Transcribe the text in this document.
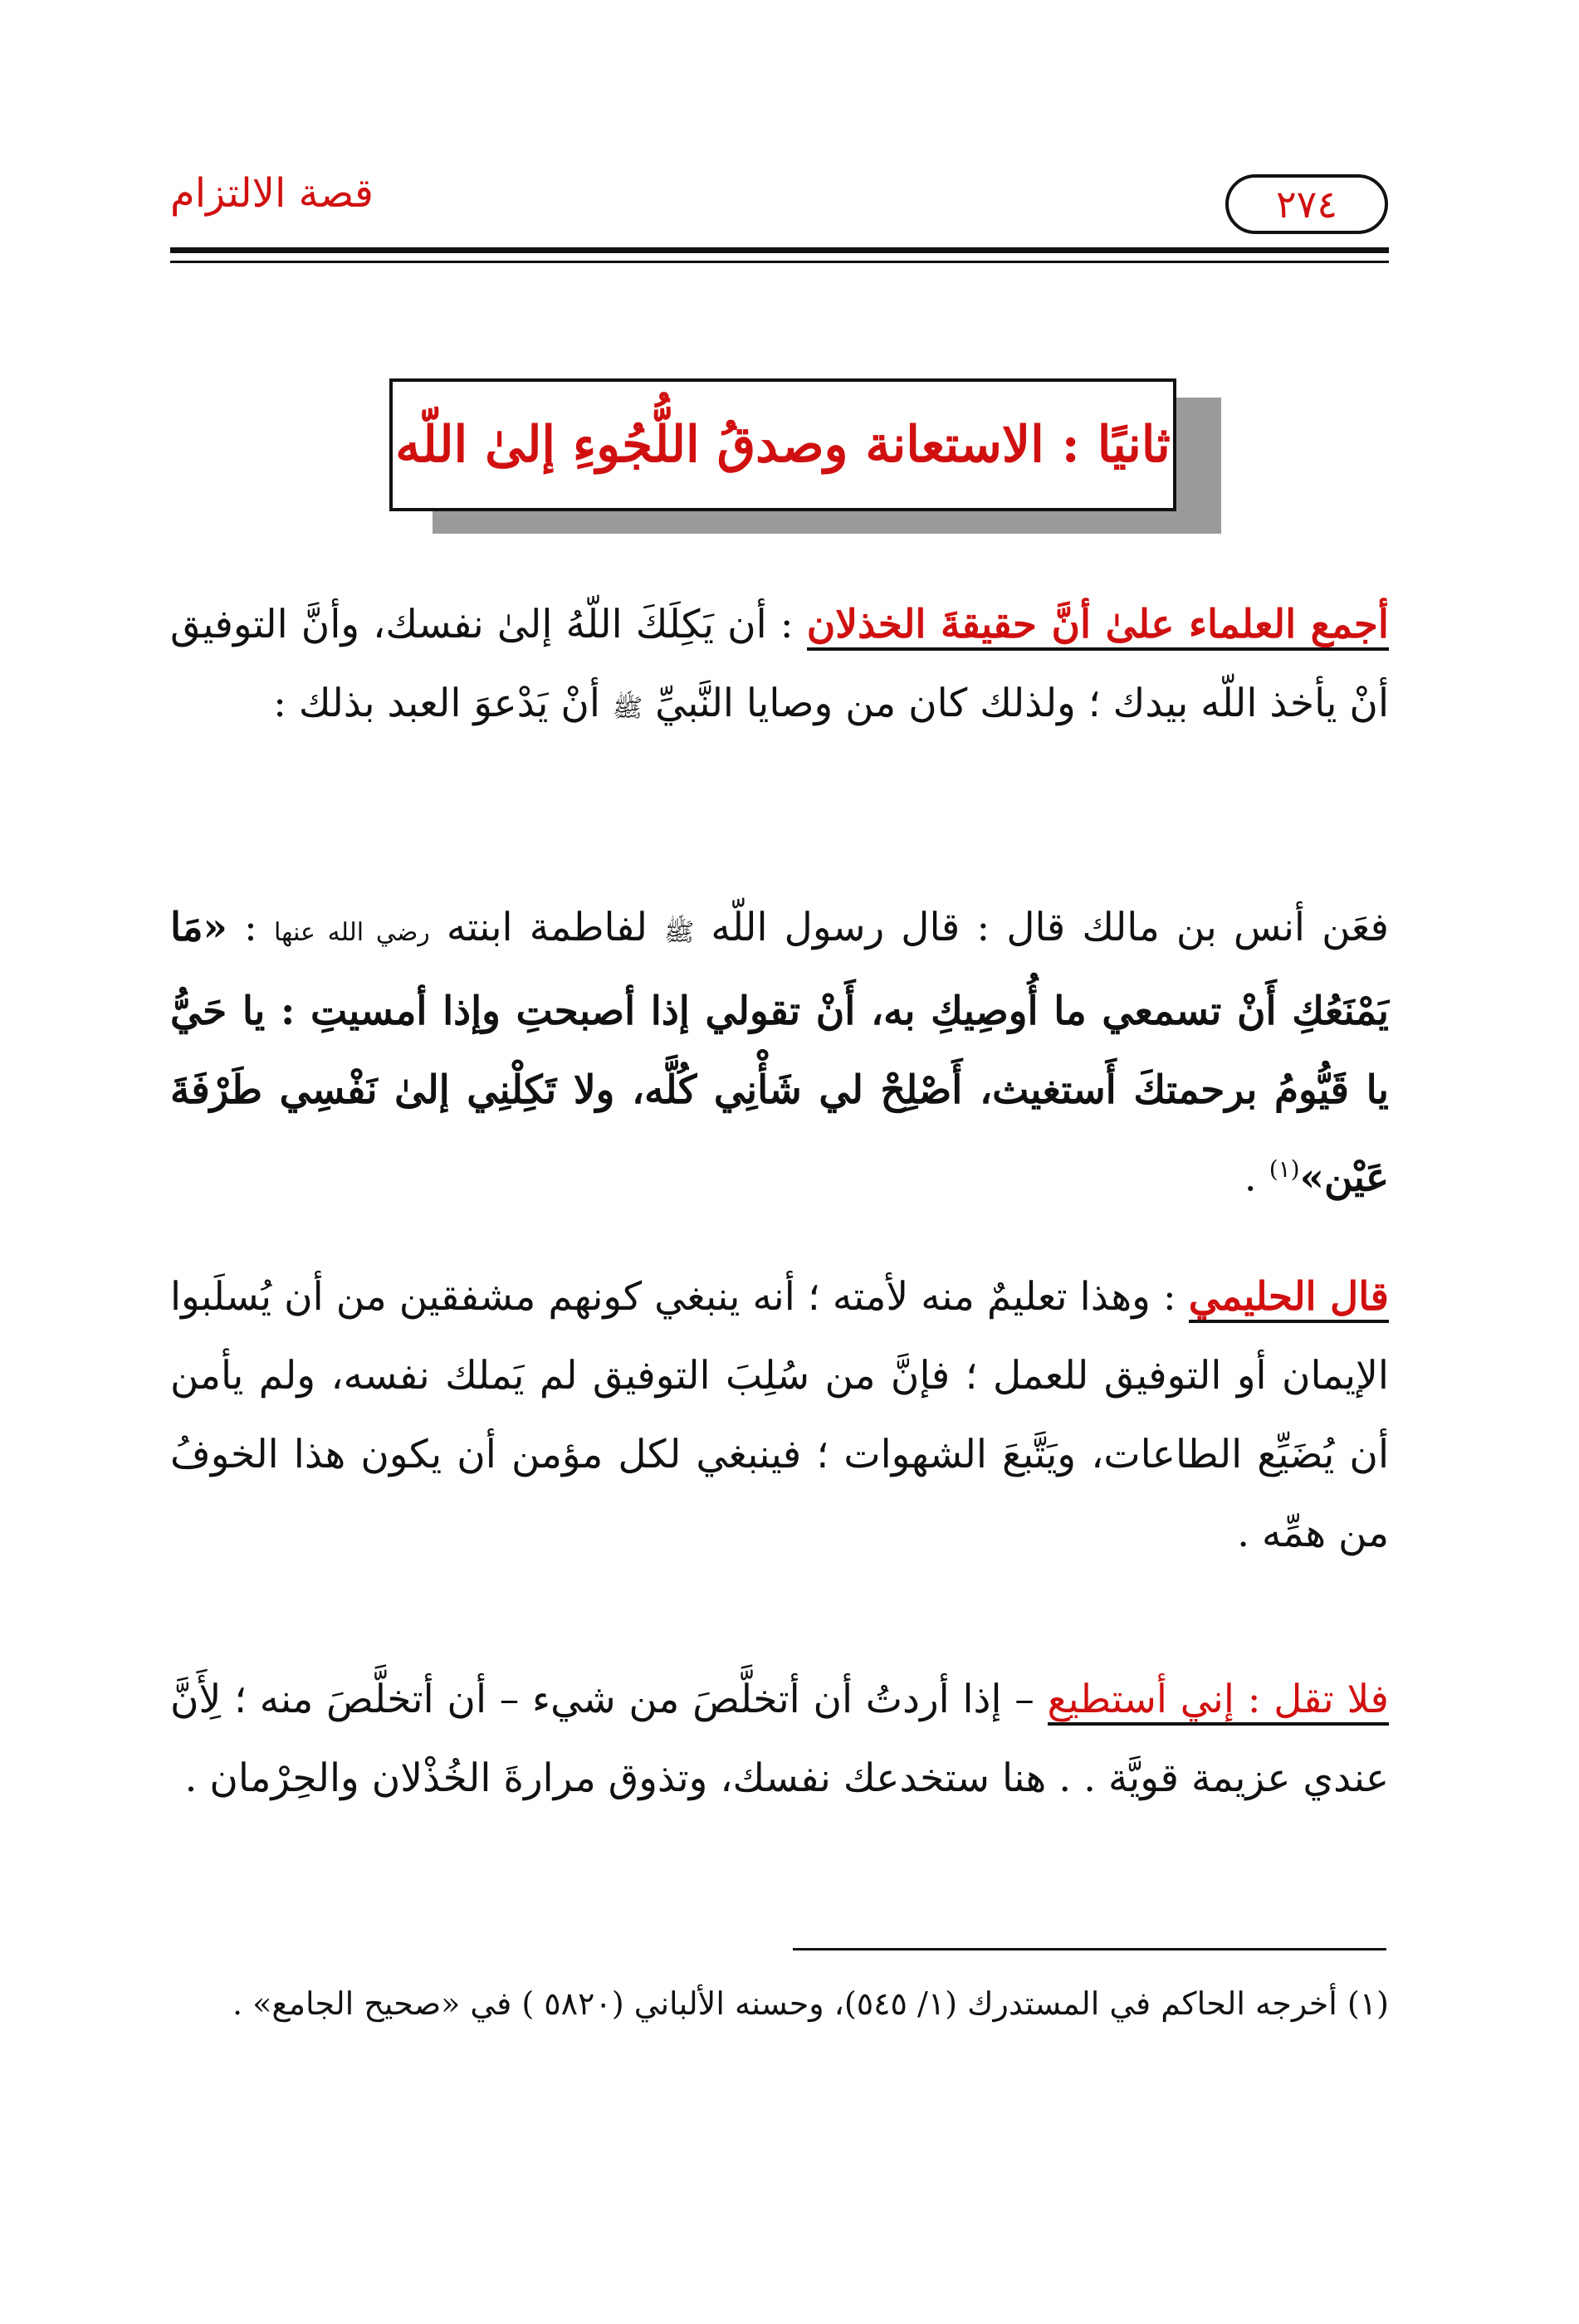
قصة الالتزام	٢٧٤
ثانيًا : الاستعانة وصدقُ اللُّجُوءِ إلىٰ اللّه
أجمع العلماء علىٰ أنَّ حقيقةَ الخذلان : أن يَكِلَكَ اللّهُ إلىٰ نفسك، وأنَّ التوفيق أنْ يأخذ اللّه بيدك ؛ ولذلك كان من وصايا النَّبيِّ ﷺ أنْ يَدْعوَ العبد بذلك :
فعَن أنس بن مالك قال : قال رسول اللّه ﷺ لفاطمة ابنته رضي الله عنها : «مَا يَمْنَعُكِ أَنْ تسمعي ما أُوصِيكِ به، أَنْ تقولي إذا أصبحتِ وإذا أمسيتِ : يا حَيُّ يا قَيُّومُ برحمتكَ أَستغيث، أَصْلِحْ لي شَأْنِي كُلَّه، ولا تَكِلْنِي إلىٰ نَفْسِي طَرْفَةَ عَيْن»$^{(١)}$ .
قال الحليمي : وهذا تعليمٌ منه لأمته ؛ أنه ينبغي كونهم مشفقين من أن يُسلَبوا الإيمان أو التوفيق للعمل ؛ فإنَّ من سُلِبَ التوفيق لم يَملك نفسه، ولم يأمن أن يُضَيِّع الطاعات، ويَتَّبعَ الشهوات ؛ فينبغي لكل مؤمن أن يكون هذا الخوفُ من همِّه .
فلا تقل : إني أستطيع – إذا أردتُ أن أتخلَّصَ من شيء – أن أتخلَّصَ منه ؛ لِأَنَّ عندي عزيمة قويَّة . . هنا ستخدعك نفسك، وتذوق مرارةَ الخُذْلان والحِرْمان .
(١) أخرجه الحاكم في المستدرك (١/ ٥٤٥)، وحسنه الألباني (٥٨٢٠ ) في «صحيح الجامع» .
